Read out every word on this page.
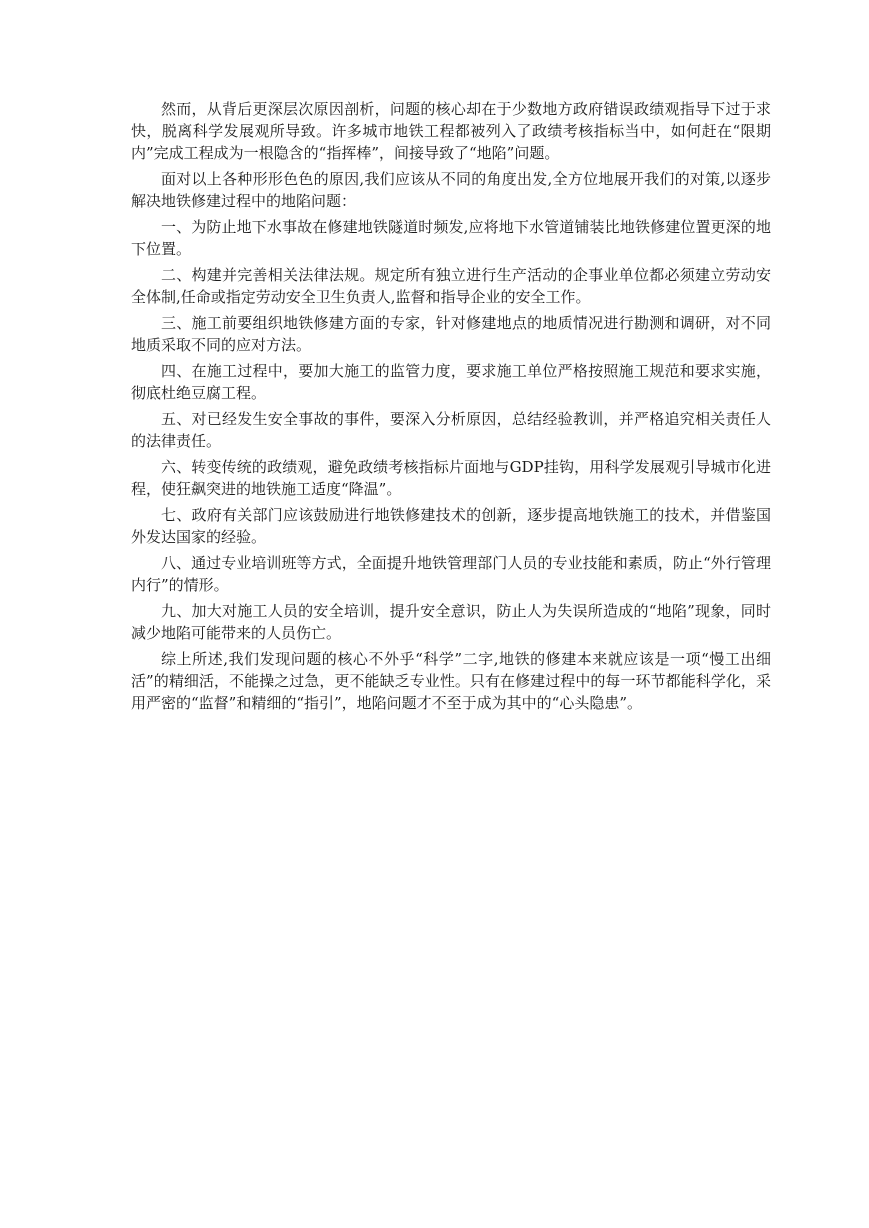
然而，从背后更深层次原因剖析，问题的核心却在于少数地方政府错误政绩观指导下过于求快，脱离科学发展观所导致。许多城市地铁工程都被列入了政绩考核指标当中，如何赶在“限期内”完成工程成为一根隐含的“指挥棒”，间接导致了“地陷”问题。

面对以上各种形形色色的原因,我们应该从不同的角度出发,全方位地展开我们的对策,以逐步解决地铁修建过程中的地陷问题：

一、为防止地下水事故在修建地铁隧道时频发,应将地下水管道铺装比地铁修建位置更深的地下位置。

二、构建并完善相关法律法规。规定所有独立进行生产活动的企事业单位都必须建立劳动安全体制,任命或指定劳动安全卫生负责人,监督和指导企业的安全工作。

三、施工前要组织地铁修建方面的专家，针对修建地点的地质情况进行勘测和调研，对不同地质采取不同的应对方法。

四、在施工过程中，要加大施工的监管力度，要求施工单位严格按照施工规范和要求实施，彻底杜绝豆腐工程。

五、对已经发生安全事故的事件，要深入分析原因，总结经验教训，并严格追究相关责任人的法律责任。

六、转变传统的政绩观，避免政绩考核指标片面地与GDP挂钩，用科学发展观引导城市化进程，使狂飙突进的地铁施工适度“降温”。

七、政府有关部门应该鼓励进行地铁修建技术的创新，逐步提高地铁施工的技术，并借鉴国外发达国家的经验。

八、通过专业培训班等方式，全面提升地铁管理部门人员的专业技能和素质，防止“外行管理内行”的情形。

九、加大对施工人员的安全培训，提升安全意识，防止人为失误所造成的“地陷”现象，同时减少地陷可能带来的人员伤亡。

综上所述,我们发现问题的核心不外乎“科学”二字,地铁的修建本来就应该是一项“慢工出细活”的精细活，不能操之过急，更不能缺乏专业性。只有在修建过程中的每一环节都能科学化，采用严密的“监督”和精细的“指引”，地陷问题才不至于成为其中的“心头隐患”。
